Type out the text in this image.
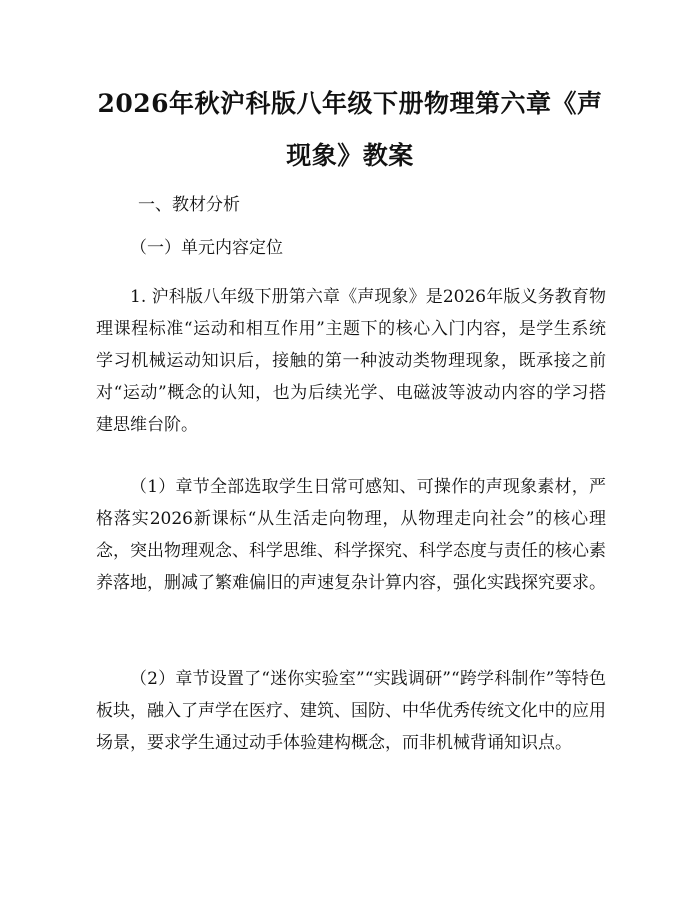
2026年秋沪科版八年级下册物理第六章《声现象》教案

一、教材分析

（一）单元内容定位

1. 沪科版八年级下册第六章《声现象》是2026年版义务教育物理课程标准“运动和相互作用”主题下的核心入门内容，是学生系统学习机械运动知识后，接触的第一种波动类物理现象，既承接之前对“运动”概念的认知，也为后续光学、电磁波等波动内容的学习搭建思维台阶。

（1）章节全部选取学生日常可感知、可操作的声现象素材，严格落实2026新课标“从生活走向物理，从物理走向社会”的核心理念，突出物理观念、科学思维、科学探究、科学态度与责任的核心素养落地，删减了繁难偏旧的声速复杂计算内容，强化实践探究要求。

（2）章节设置了“迷你实验室”“实践调研”“跨学科制作”等特色板块，融入了声学在医疗、建筑、国防、中华优秀传统文化中的应用场景，要求学生通过动手体验建构概念，而非机械背诵知识点。
